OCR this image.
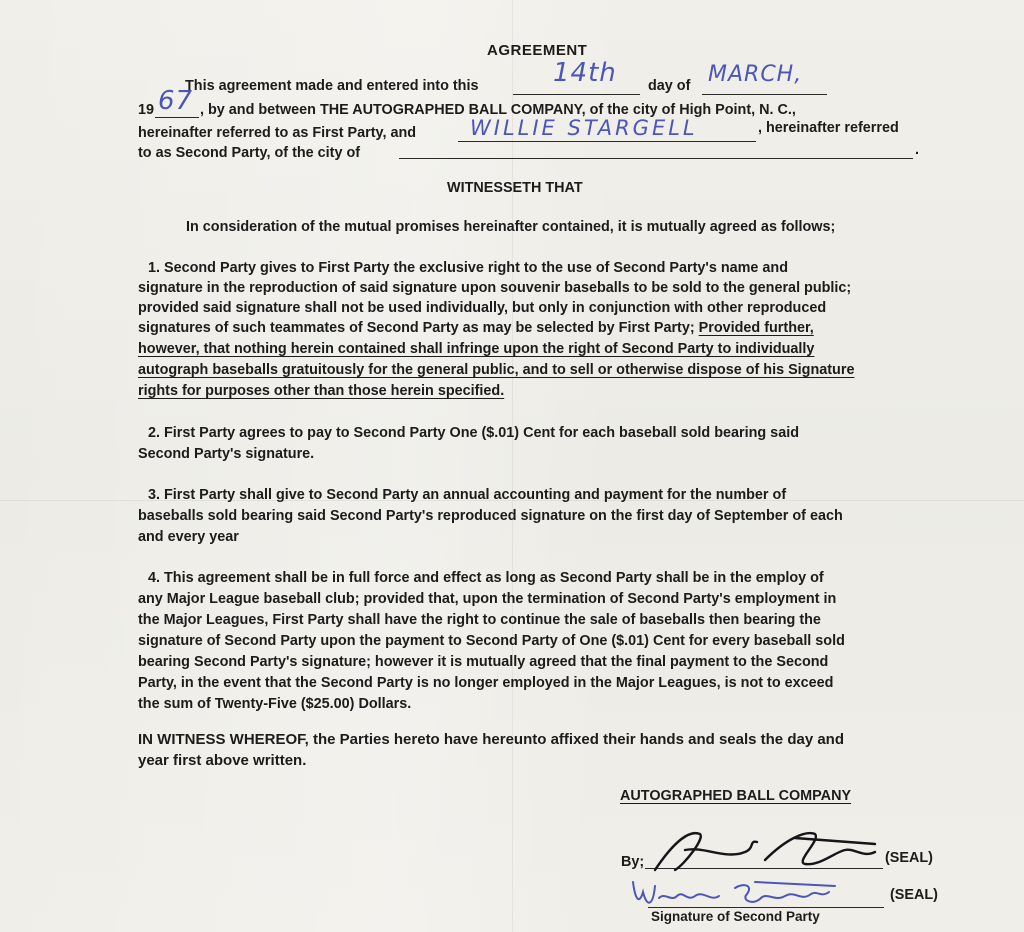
AGREEMENT

This agreement made and entered into this	14th day of MARCH,

19 67 , by and between THE AUTOGRAPHED BALL COMPANY, of the city of High Point, N. C.,

hereinafter referred to as First Party, and	WILLIE STARGELL	, hereinafter referred

to as Second Party, of the city of	.

WITNESSETH THAT

In consideration of the mutual promises hereinafter contained, it is mutually agreed as follows;

1. Second Party gives to First Party the exclusive right to the use of Second Party's name and

signature in the reproduction of said signature upon souvenir baseballs to be sold to the general public;

provided said signature shall not be used individually, but only in conjunction with other reproduced

signatures of such teammates of Second Party as may be selected by First Party; Provided further,

however, that nothing herein contained shall infringe upon the right of Second Party to individually

autograph baseballs gratuitously for the general public, and to sell or otherwise dispose of his Signature

rights for purposes other than those herein specified.

2. First Party agrees to pay to Second Party One ($.01) Cent for each baseball sold bearing said

Second Party's signature.

3. First Party shall give to Second Party an annual accounting and payment for the number of

baseballs sold bearing said Second Party's reproduced signature on the first day of September of each

and every year

4. This agreement shall be in full force and effect as long as Second Party shall be in the employ of

any Major League baseball club; provided that, upon the termination of Second Party's employment in

the Major Leagues, First Party shall have the right to continue the sale of baseballs then bearing the

signature of Second Party upon the payment to Second Party of One ($.01) Cent for every baseball sold

bearing Second Party's signature; however it is mutually agreed that the final payment to the Second

Party, in the event that the Second Party is no longer employed in the Major Leagues, is not to exceed

the sum of Twenty-Five ($25.00) Dollars.

IN WITNESS WHEREOF, the Parties hereto have hereunto affixed their hands and seals the day and

year first above written.

AUTOGRAPHED BALL COMPANY

By;	(SEAL)

(SEAL)

Signature of Second Party
